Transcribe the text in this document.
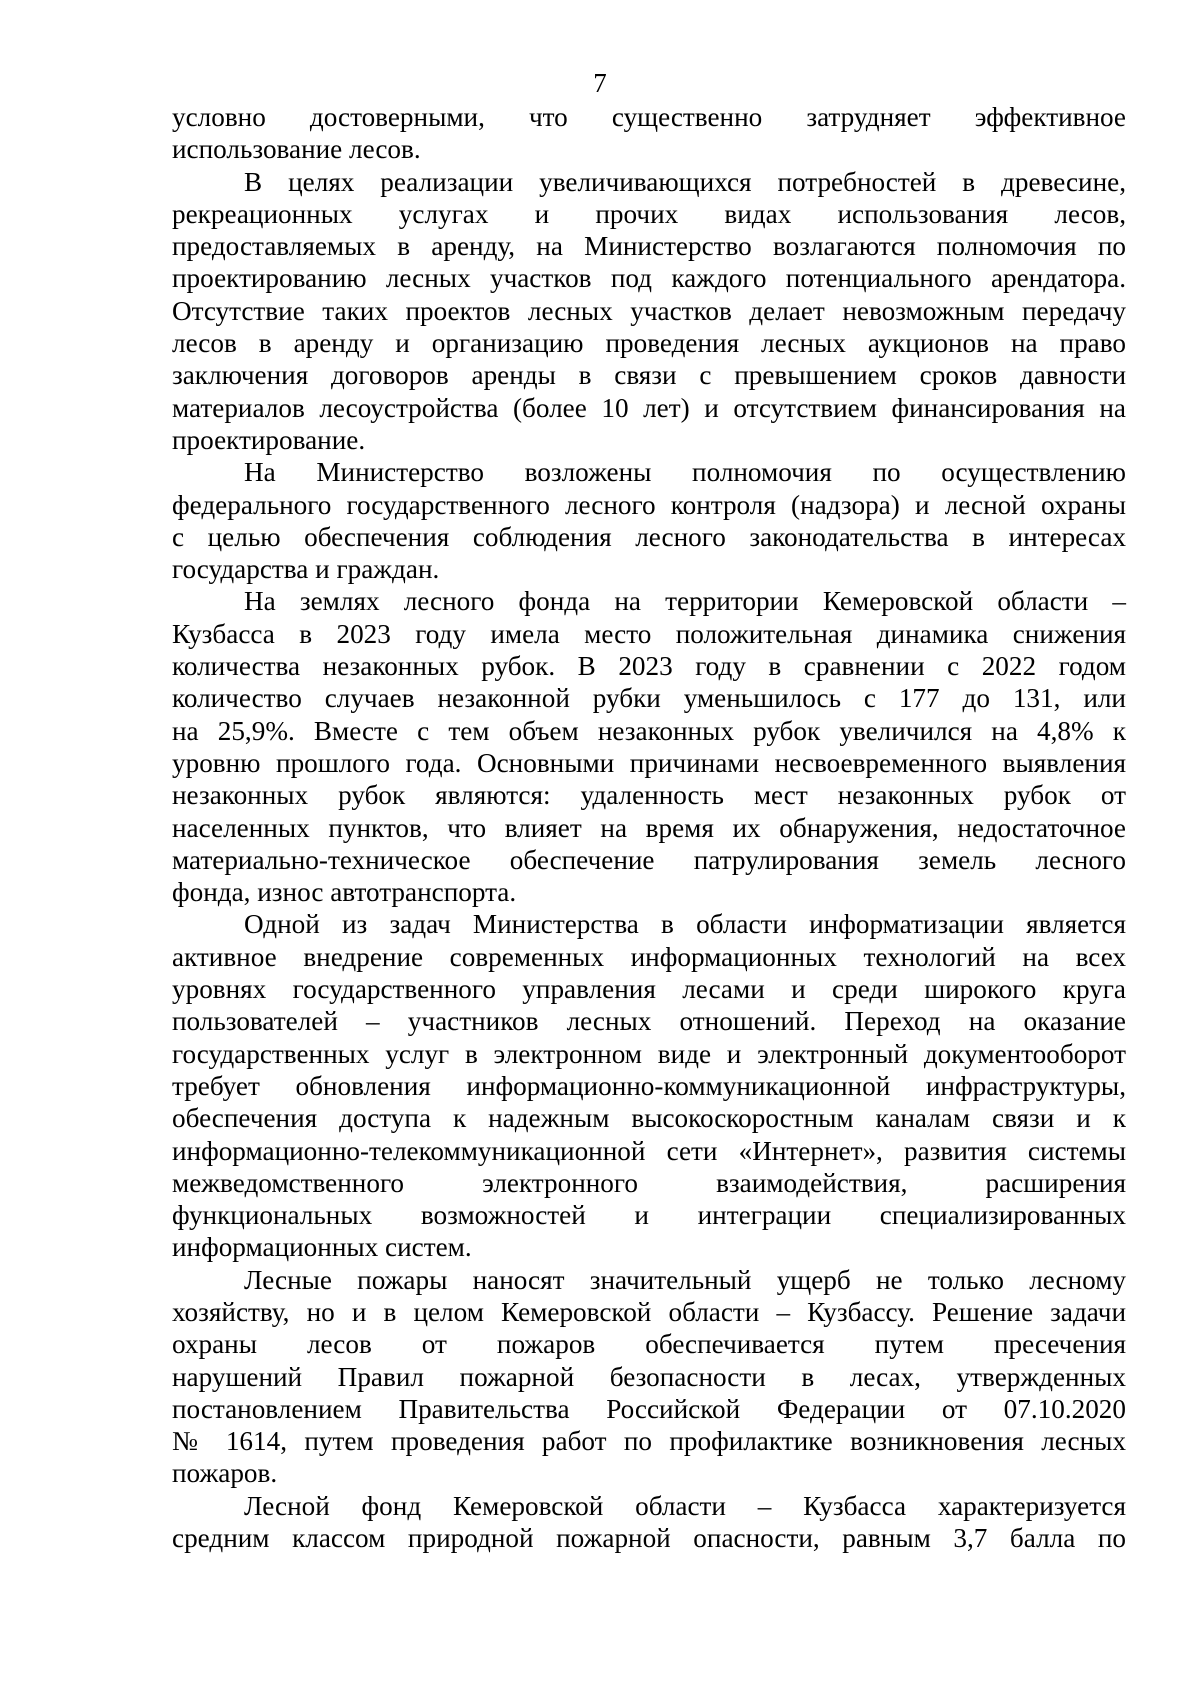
7
условно достоверными, что существенно затрудняет эффективное
использование лесов.
В целях реализации увеличивающихся потребностей в древесине,
рекреационных услугах и прочих видах использования лесов,
предоставляемых в аренду, на Министерство возлагаются полномочия по
проектированию лесных участков под каждого потенциального арендатора.
Отсутствие таких проектов лесных участков делает невозможным передачу
лесов в аренду и организацию проведения лесных аукционов на право
заключения договоров аренды в связи с превышением сроков давности
материалов лесоустройства (более 10 лет) и отсутствием финансирования на
проектирование.
На Министерство возложены полномочия по осуществлению
федерального государственного лесного контроля (надзора) и лесной охраны
с целью обеспечения соблюдения лесного законодательства в интересах
государства и граждан.
На землях лесного фонда на территории Кемеровской области –
Кузбасса в 2023 году имела место положительная динамика снижения
количества незаконных рубок. В 2023 году в сравнении с 2022 годом
количество случаев незаконной рубки уменьшилось с 177 до 131, или
на 25,9%. Вместе с тем объем незаконных рубок увеличился на 4,8% к
уровню прошлого года. Основными причинами несвоевременного выявления
незаконных рубок являются: удаленность мест незаконных рубок от
населенных пунктов, что влияет на время их обнаружения, недостаточное
материально-техническое обеспечение патрулирования земель лесного
фонда, износ автотранспорта.
Одной из задач Министерства в области информатизации является
активное внедрение современных информационных технологий на всех
уровнях государственного управления лесами и среди широкого круга
пользователей – участников лесных отношений. Переход на оказание
государственных услуг в электронном виде и электронный документооборот
требует обновления информационно-коммуникационной инфраструктуры,
обеспечения доступа к надежным высокоскоростным каналам связи и к
информационно-телекоммуникационной сети «Интернет», развития системы
межведомственного электронного взаимодействия, расширения
функциональных возможностей и интеграции специализированных
информационных систем.
Лесные пожары наносят значительный ущерб не только лесному
хозяйству, но и в целом Кемеровской области – Кузбассу. Решение задачи
охраны лесов от пожаров обеспечивается путем пресечения
нарушений Правил пожарной безопасности в лесах, утвержденных
постановлением Правительства Российской Федерации от 07.10.2020
№ 1614, путем проведения работ по профилактике возникновения лесных
пожаров.
Лесной фонд Кемеровской области – Кузбасса характеризуется
средним классом природной пожарной опасности, равным 3,7 балла по
